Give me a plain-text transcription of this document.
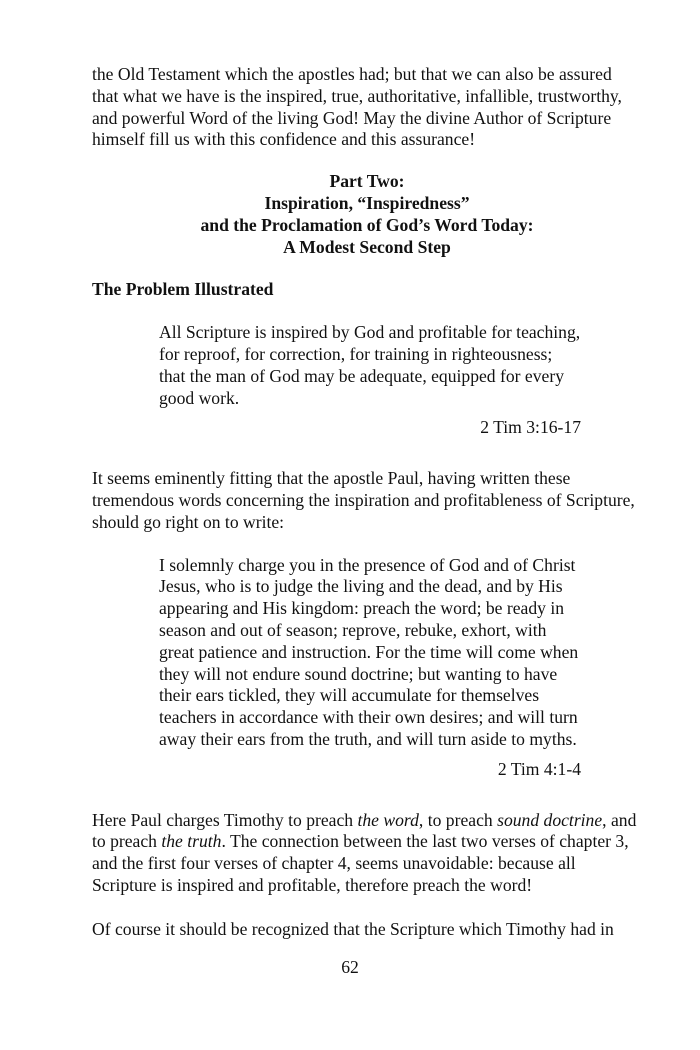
the Old Testament which the apostles had; but that we can also be assured that what we have is the inspired, true, authoritative, infallible, trustworthy, and powerful Word of the living God! May the divine Author of Scripture himself fill us with this confidence and this assurance!

Part Two:
Inspiration, “Inspiredness”
and the Proclamation of God’s Word Today:
A Modest Second Step
The Problem Illustrated
All Scripture is inspired by God and profitable for teaching, for reproof, for correction, for training in righteousness; that the man of God may be adequate, equipped for every good work.
2 Tim 3:16-17

It seems eminently fitting that the apostle Paul, having written these tremendous words concerning the inspiration and profitableness of Scripture, should go right on to write:

I solemnly charge you in the presence of God and of Christ Jesus, who is to judge the living and the dead, and by His appearing and His kingdom: preach the word; be ready in season and out of season; reprove, rebuke, exhort, with great patience and instruction. For the time will come when they will not endure sound doctrine; but wanting to have their ears tickled, they will accumulate for themselves teachers in accordance with their own desires; and will turn away their ears from the truth, and will turn aside to myths.
2 Tim 4:1-4

Here Paul charges Timothy to preach the word, to preach sound doctrine, and to preach the truth. The connection between the last two verses of chapter 3, and the first four verses of chapter 4, seems unavoidable: because all Scripture is inspired and profitable, therefore preach the word!

Of course it should be recognized that the Scripture which Timothy had in

62
